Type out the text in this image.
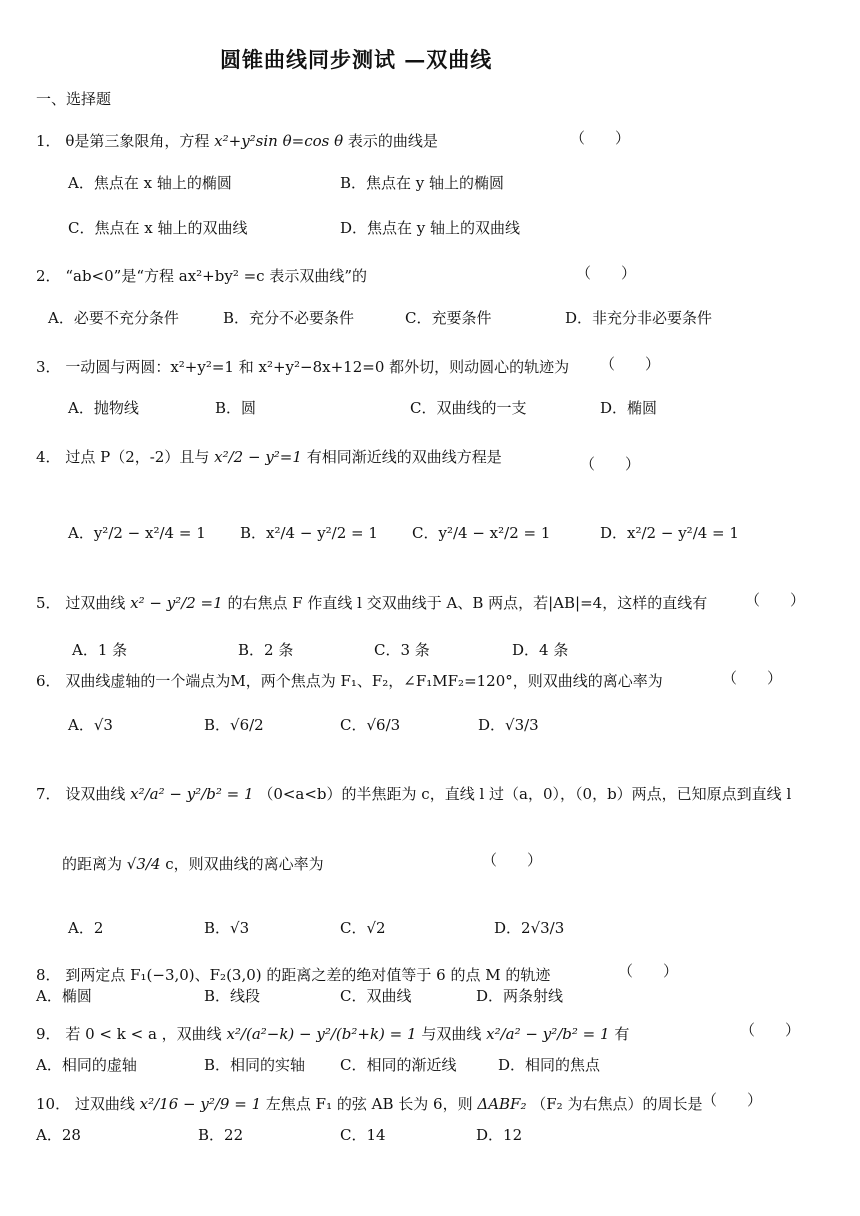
圆锥曲线同步测试 —双曲线
一、选择题
1． θ是第三象限角，方程 x²+y²sin θ=cos θ 表示的曲线是	（　　）
A．焦点在 x 轴上的椭圆	B．焦点在 y 轴上的椭圆
C．焦点在 x 轴上的双曲线	D．焦点在 y 轴上的双曲线
2． “ab<0”是“方程 ax²+by² =c 表示双曲线”的	（　　）
A．必要不充分条件	B．充分不必要条件	C．充要条件	D．非充分非必要条件
3． 一动圆与两圆：x²+y²=1 和 x²+y²−8x+12=0 都外切，则动圆心的轨迹为 （　　）
A．抛物线	B．圆	C．双曲线的一支	D．椭圆
4． 过点 P（2，-2）且与 x²/2 − y²=1 有相同渐近线的双曲线方程是	（　　）
A．y²/2 − x²/4 = 1 B．x²/4 − y²/2 = 1 C．y²/4 − x²/2 = 1	D．x²/2 − y²/4 = 1
5． 过双曲线 x² − y²/2 =1 的右焦点 F 作直线 l 交双曲线于 A、B 两点，若|AB|=4，这样的直线有	（　　）
A．1 条	B．2 条	C．3 条	D．4 条
6． 双曲线虚轴的一个端点为M，两个焦点为 F₁、F₂，∠F₁MF₂=120°，则双曲线的离心率为	（　　）
A．√3	B．√6/2	C．√6/3	D．√3/3
7． 设双曲线 x²/a² − y²/b² = 1 （0<a<b）的半焦距为 c，直线 l 过（a，0），（0，b）两点，已知原点到直线 l
的距离为 √3/4 c，则双曲线的离心率为	（　　）
A．2	B．√3	C．√2	D．2√3/3
8． 到两定点 F₁(−3,0)、F₂(3,0) 的距离之差的绝对值等于 6 的点 M 的轨迹	（　　）
A．椭圆	B．线段	C．双曲线	D．两条射线
9． 若 0 < k < a ，双曲线 x²/(a²−k) − y²/(b²+k) = 1 与双曲线 x²/a² − y²/b² = 1 有	（　　）
A．相同的虚轴	B．相同的实轴 C．相同的渐近线	D．相同的焦点
10． 过双曲线 x²/16 − y²/9 = 1 左焦点 F₁ 的弦 AB 长为 6，则 ΔABF₂ （F₂ 为右焦点）的周长是 （　　）
A．28	B．22	C．14	D．12
